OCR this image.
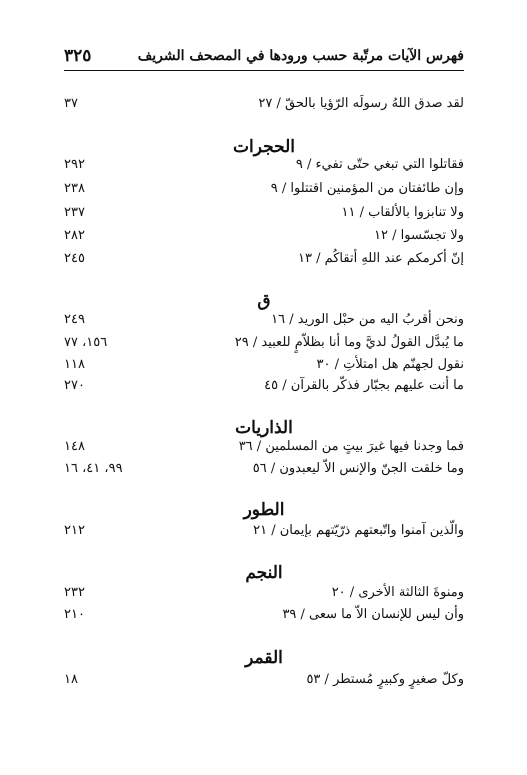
فهرس الآيات مرتّبة حسب ورودها في المصحف الشريف
٣٢٥
لقد صدق اللهُ رسولَه الرّؤيا بالحقّ / ٢٧
٣٧
الحجرات
فقاتلوا التي تبغي حتّى تفيء / ٩
٢٩٢
وإن طائفتان من المؤمنين اقتتلوا / ٩
٢٣٨
ولا تنابزوا بالألقاب / ١١
٢٣٧
ولا تجسّسوا / ١٢
٢٨٢
إنّ أكرمكم عند اللهِ أتقاكُم / ١٣
٢٤٥
ق
ونحن أقربُ اليه من حبْل الوريد / ١٦
٢٤٩
ما يُبدَّل القولُ لديَّ وما أنا بظلاّمٍ للعبيد / ٢٩
١٥٦، ٧٧
نقول لجهنّم هل امتلأتِ / ٣٠
١١٨
ما أنت عليهم بجبّار فذكّر بالقرآن / ٤٥
٢٧٠
الذاريات
فما وجدنا فيها غيرَ بيتٍ من المسلمين / ٣٦
١٤٨
وما خلقت الجنّ والإنس الاّ ليعبدون / ٥٦
٩٩، ٤١، ١٦
الطور
والّذين آمنوا واتّبعتهم ذرّيّتهم بإيمان / ٢١
٢١٢
النجم
ومنوةَ الثالثة الأخرى / ٢٠
٢٣٢
وأن ليس للإنسان الاّ ما سعى / ٣٩
٢١٠
القمر
وكلّ صغيرٍ وكبيرٍ مُستطر / ٥٣
١٨
